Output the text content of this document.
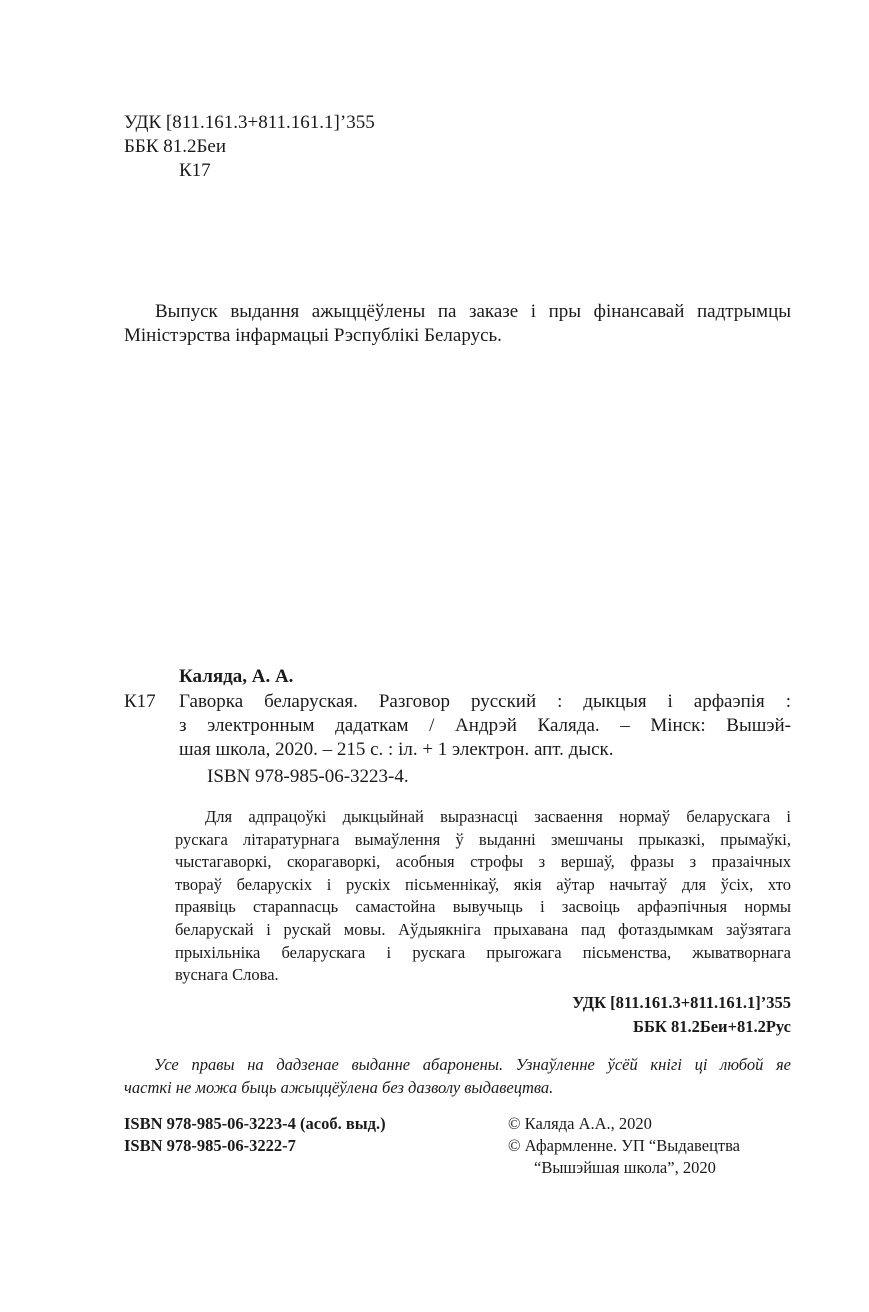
УДК [811.161.3+811.161.1]’355
ББК 81.2Беи
К17
Выпуск выдання ажыццёўлены па заказе і пры фінансавай падтрымцы
Міністэрства інфармацыі Рэспублікі Беларусь.
Каляда, А. А.
К17 Гаворка беларуская. Разговор русский : дыкцыя і арфаэпія :
з электронным дадаткам / Андрэй Каляда. – Мінск: Вышэй-
шая школа, 2020. – 215 с. : іл. + 1 электрон. апт. дыск.
ISBN 978-985-06-3223-4.
Для адпрацоўкі дыкцыйнай выразнасці засваення нормаў беларускага і
рускага літаратурнага вымаўлення ў выданні змешчаны прыказкі, прымаўкі,
чыстагаворкі, скорагаворкі, асобныя строфы з вершаў, фразы з празаічных
твораў беларускіх і рускіх пісьменнікаў, якія аўтар начытаў для ўсіх, хто
праявіць старannасць самастойна вывучыць і засвоіць арфаэпічныя нормы
беларускай і рускай мовы. Аўдыякніга прыхавана пад фотаздымкам заўзятага
прыхільніка беларускага і рускага прыгожага пісьменства, жыватворнага
вуснага Слова.
УДК [811.161.3+811.161.1]’355
ББК 81.2Беи+81.2Рус
Усе правы на дадзенае выданне абаронены. Узнаўленне ўсёй кнігі ці любой яе
часткі не можа быць ажыццёўлена без дазволу выдавецтва.
ISBN 978-985-06-3223-4 (асоб. выд.)
ISBN 978-985-06-3222-7
© Каляда А.А., 2020
© Афармленне. УП “Выдавецтва
“Вышэйшая школа”, 2020
